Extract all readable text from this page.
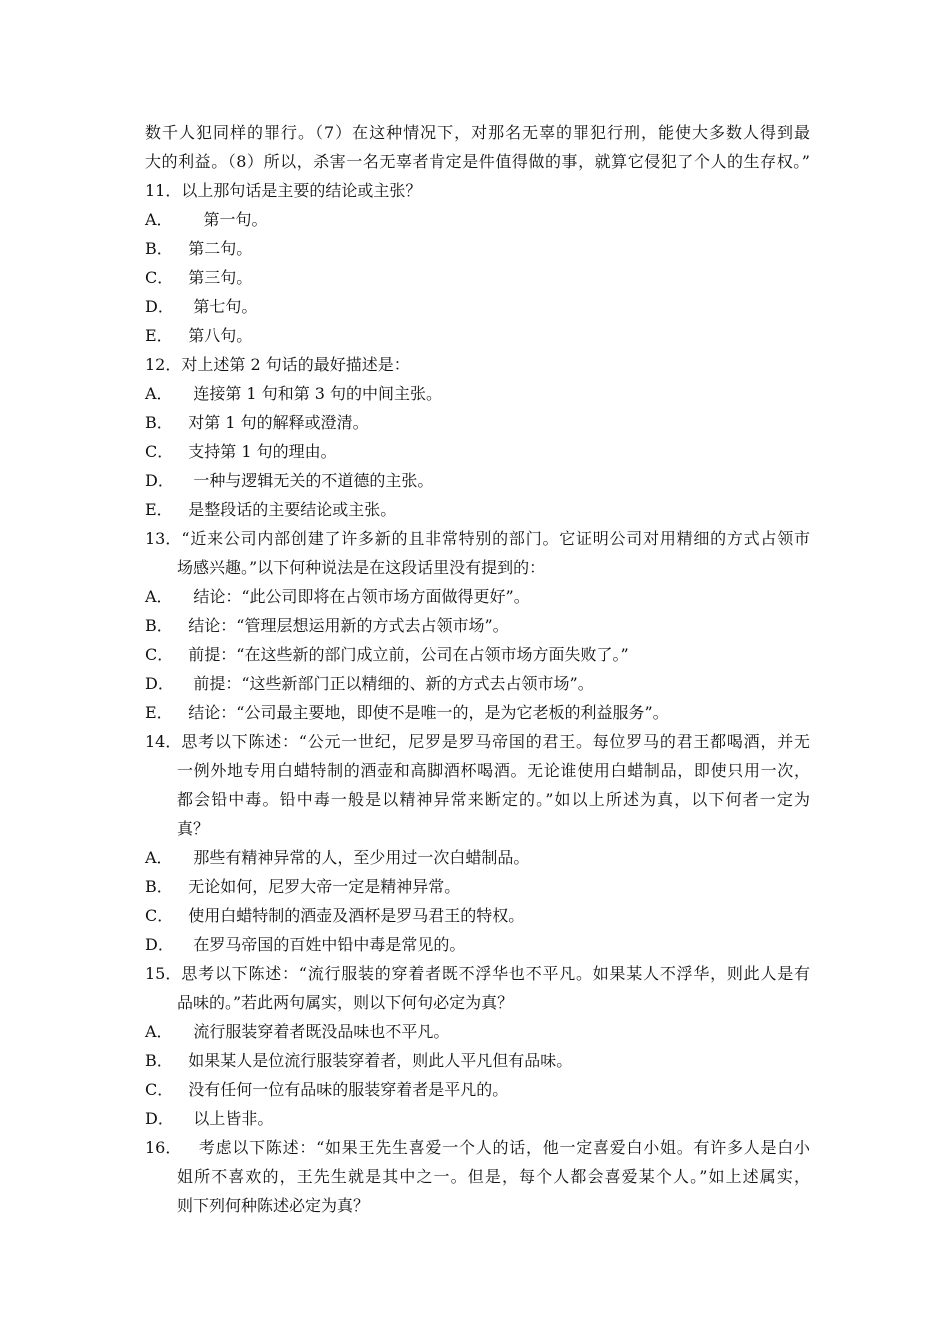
数千人犯同样的罪行。（7）在这种情况下，对那名无辜的罪犯行刑，能使大多数人得到最
大的利益。（8）所以，杀害一名无辜者肯定是件值得做的事，就算它侵犯了个人的生存权。”
11． 以上那句话是主要的结论或主张？
A． 第一句。
B． 第二句。
C． 第三句。
D． 第七句。
E． 第八句。
12． 对上述第 2 句话的最好描述是：
A． 连接第 1 句和第 3 句的中间主张。
B． 对第 1 句的解释或澄清。
C． 支持第 1 句的理由。
D． 一种与逻辑无关的不道德的主张。
E． 是整段话的主要结论或主张。
13． “近来公司内部创建了许多新的且非常特别的部门。它证明公司对用精细的方式占领市
场感兴趣。”以下何种说法是在这段话里没有提到的：
A． 结论：“此公司即将在占领市场方面做得更好”。
B． 结论：“管理层想运用新的方式去占领市场”。
C． 前提：“在这些新的部门成立前，公司在占领市场方面失败了。”
D． 前提：“这些新部门正以精细的、新的方式去占领市场”。
E． 结论：“公司最主要地，即使不是唯一的，是为它老板的利益服务”。
14． 思考以下陈述：“公元一世纪，尼罗是罗马帝国的君王。每位罗马的君王都喝酒，并无
一例外地专用白蜡特制的酒壶和高脚酒杯喝酒。无论谁使用白蜡制品，即使只用一次，
都会铅中毒。铅中毒一般是以精神异常来断定的。”如以上所述为真，以下何者一定为
真？
A． 那些有精神异常的人，至少用过一次白蜡制品。
B． 无论如何，尼罗大帝一定是精神异常。
C． 使用白蜡特制的酒壶及酒杯是罗马君王的特权。
D． 在罗马帝国的百姓中铅中毒是常见的。
15． 思考以下陈述：“流行服装的穿着者既不浮华也不平凡。如果某人不浮华，则此人是有
品味的。”若此两句属实，则以下何句必定为真？
A． 流行服装穿着者既没品味也不平凡。
B． 如果某人是位流行服装穿着者，则此人平凡但有品味。
C． 没有任何一位有品味的服装穿着者是平凡的。
D． 以上皆非。
16． 考虑以下陈述：“如果王先生喜爱一个人的话，他一定喜爱白小姐。有许多人是白小
姐所不喜欢的，王先生就是其中之一。但是，每个人都会喜爱某个人。”如上述属实，
则下列何种陈述必定为真？
